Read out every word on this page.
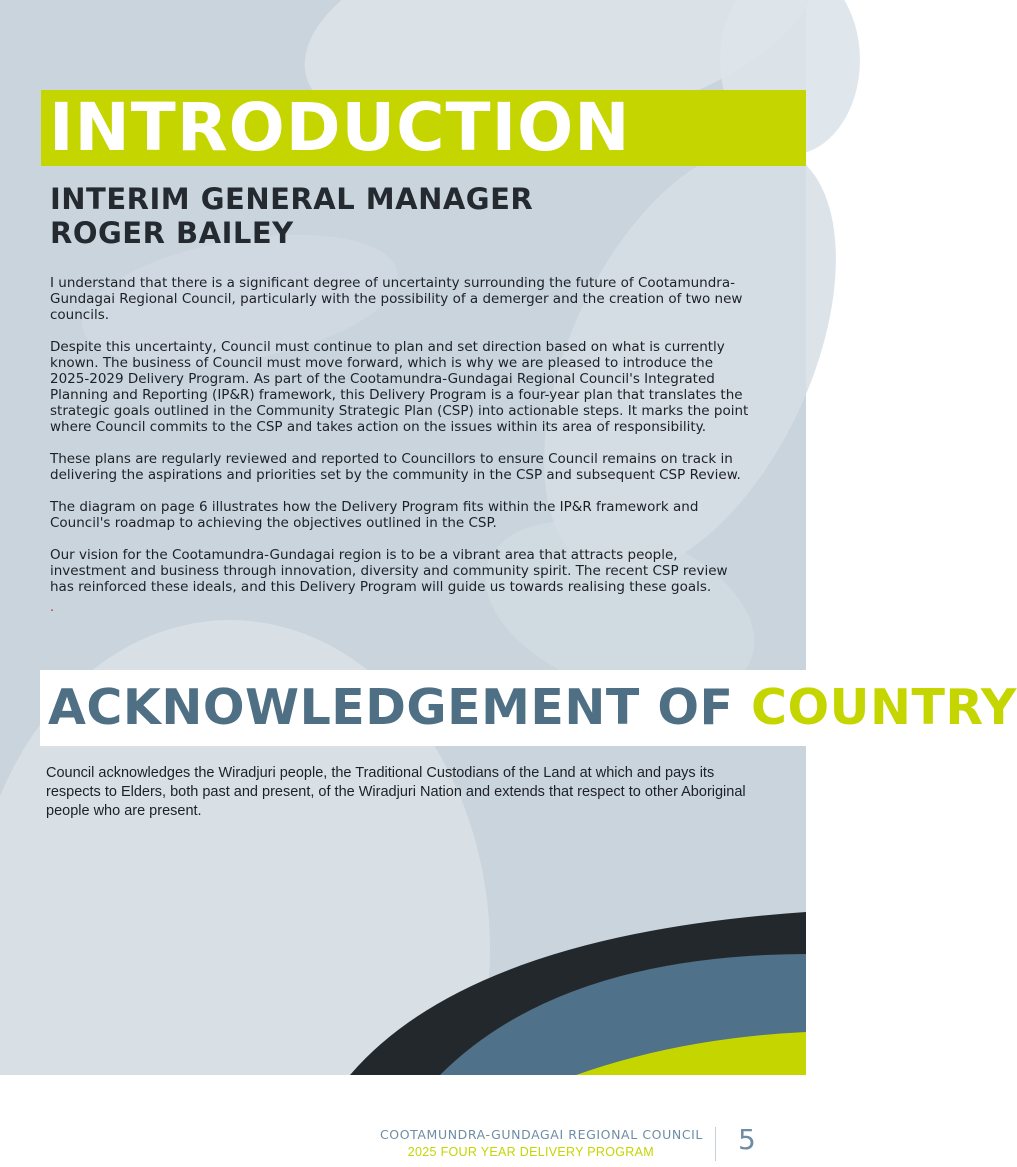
INTRODUCTION
INTERIM GENERAL MANAGER
ROGER BAILEY

I understand that there is a significant degree of uncertainty surrounding the future of Cootamundra-Gundagai Regional Council, particularly with the possibility of a demerger and the creation of two new councils.

Despite this uncertainty, Council must continue to plan and set direction based on what is currently known. The business of Council must move forward, which is why we are pleased to introduce the 2025-2029 Delivery Program. As part of the Cootamundra-Gundagai Regional Council's Integrated Planning and Reporting (IP&R) framework, this Delivery Program is a four-year plan that translates the strategic goals outlined in the Community Strategic Plan (CSP) into actionable steps. It marks the point where Council commits to the CSP and takes action on the issues within its area of responsibility.

These plans are regularly reviewed and reported to Councillors to ensure Council remains on track in delivering the aspirations and priorities set by the community in the CSP and subsequent CSP Review.

The diagram on page 6 illustrates how the Delivery Program fits within the IP&R framework and Council's roadmap to achieving the objectives outlined in the CSP.

Our vision for the Cootamundra-Gundagai region is to be a vibrant area that attracts people, investment and business through innovation, diversity and community spirit. The recent CSP review has reinforced these ideals, and this Delivery Program will guide us towards realising these goals.

.
ACKNOWLEDGEMENT OF COUNTRY

Council acknowledges the Wiradjuri people, the Traditional Custodians of the Land at which and pays its respects to Elders, both past and present, of the Wiradjuri Nation and extends that respect to other Aboriginal people who are present.

COOTAMUNDRA-GUNDAGAI REGIONAL COUNCIL
2025 FOUR YEAR DELIVERY PROGRAM	5
